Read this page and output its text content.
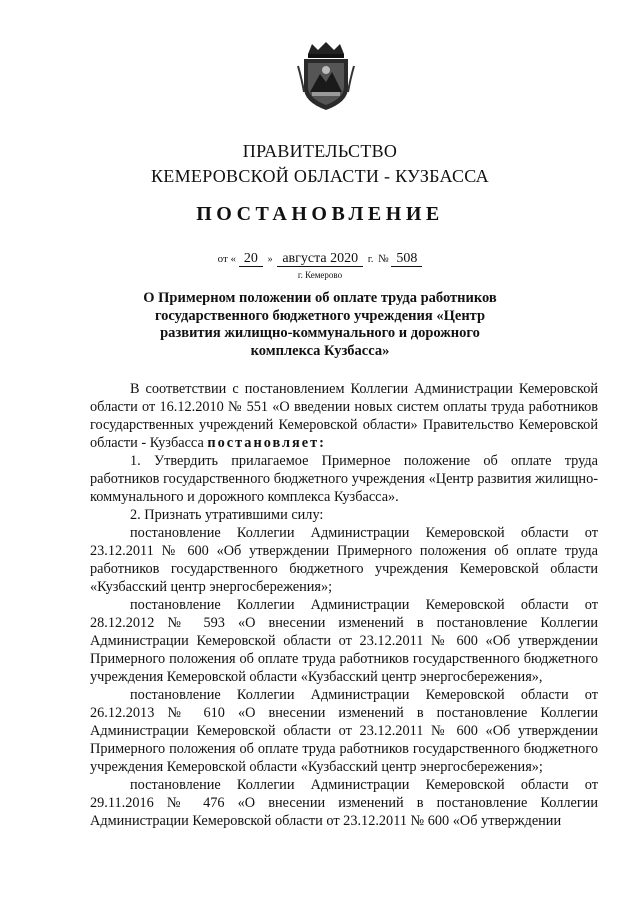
ПРАВИТЕЛЬСТВО
КЕМЕРОВСКОЙ ОБЛАСТИ - КУЗБАССА
ПОСТАНОВЛЕНИЕ
от « 20 » августа 2020 г. № 508
г. Кемерово
О Примерном положении об оплате труда работников государственного бюджетного учреждения «Центр развития жилищно-коммунального и дорожного комплекса Кузбасса»

В соответствии с постановлением Коллегии Администрации Кемеровской области от 16.12.2010 № 551 «О введении новых систем оплаты труда работников государственных учреждений Кемеровской области» Правительство Кемеровской области - Кузбасса постановляет:

1. Утвердить прилагаемое Примерное положение об оплате труда работников государственного бюджетного учреждения «Центр развития жилищно-коммунального и дорожного комплекса Кузбасса».

2. Признать утратившими силу:

постановление Коллегии Администрации Кемеровской области от 23.12.2011 № 600 «Об утверждении Примерного положения об оплате труда работников государственного бюджетного учреждения Кемеровской области «Кузбасский центр энергосбережения»;

постановление Коллегии Администрации Кемеровской области от 28.12.2012 № 593 «О внесении изменений в постановление Коллегии Администрации Кемеровской области от 23.12.2011 № 600 «Об утверждении Примерного положения об оплате труда работников государственного бюджетного учреждения Кемеровской области «Кузбасский центр энергосбережения»,

постановление Коллегии Администрации Кемеровской области от 26.12.2013 № 610 «О внесении изменений в постановление Коллегии Администрации Кемеровской области от 23.12.2011 № 600 «Об утверждении Примерного положения об оплате труда работников государственного бюджетного учреждения Кемеровской области «Кузбасский центр энергосбережения»;

постановление Коллегии Администрации Кемеровской области от 29.11.2016 № 476 «О внесении изменений в постановление Коллегии Администрации Кемеровской области от 23.12.2011 № 600 «Об утверждении
